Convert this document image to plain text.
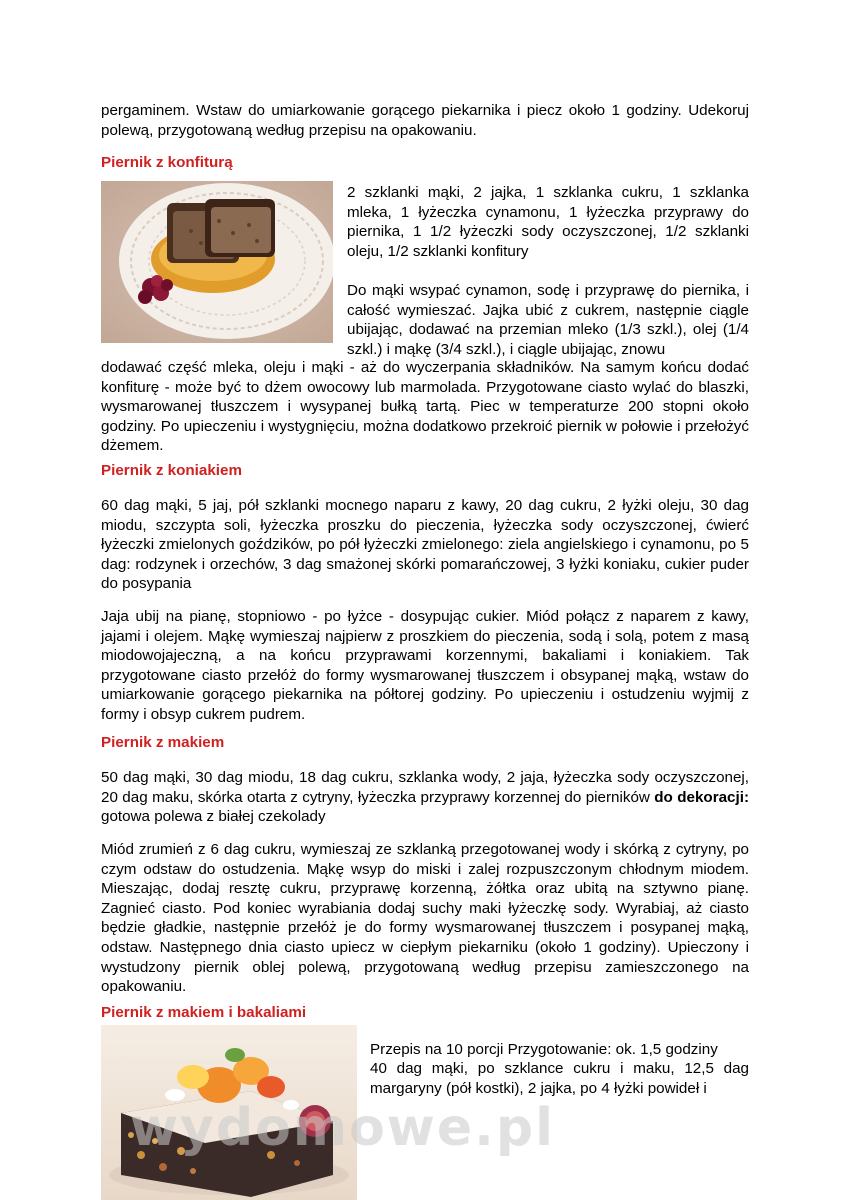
pergaminem. Wstaw do umiarkowanie gorącego piekarnika i piecz około 1 godziny. Udekoruj polewą, przygotowaną według przepisu na opakowaniu.

Piernik z konfiturą

2 szklanki mąki, 2 jajka, 1 szklanka cukru, 1 szklanka mleka, 1 łyżeczka cynamonu, 1 łyżeczka przyprawy do piernika, 1 1/2 łyżeczki sody oczyszczonej, 1/2 szklanki oleju, 1/2 szklanki konfitury

Do mąki wsypać cynamon, sodę i przyprawę do piernika, i całość wymieszać. Jajka ubić z cukrem, następnie ciągle ubijając, dodawać na przemian mleko (1/3 szkl.), olej (1/4 szkl.) i mąkę (3/4 szkl.), i ciągle ubijając, znowu

dodawać część mleka, oleju i mąki - aż do wyczerpania składników. Na samym końcu dodać konfiturę - może być to dżem owocowy lub marmolada. Przygotowane ciasto wylać do blaszki, wysmarowanej tłuszczem i wysypanej bułką tartą. Piec w temperaturze 200 stopni około godziny. Po upieczeniu i wystygnięciu, można dodatkowo przekroić piernik w połowie i przełożyć dżemem.

Piernik z koniakiem

60 dag mąki, 5 jaj, pół szklanki mocnego naparu z kawy, 20 dag cukru, 2 łyżki oleju, 30 dag miodu, szczypta soli, łyżeczka proszku do pieczenia, łyżeczka sody oczyszczonej, ćwierć łyżeczki zmielonych goździków, po pół łyżeczki zmielonego: ziela angielskiego i cynamonu, po 5 dag: rodzynek i orzechów, 3 dag smażonej skórki pomarańczowej, 3 łyżki koniaku, cukier puder do posypania

Jaja ubij na pianę, stopniowo - po łyżce - dosypując cukier. Miód połącz z naparem z kawy, jajami i olejem. Mąkę wymieszaj najpierw z proszkiem do pieczenia, sodą i solą, potem z masą miodowojajeczną, a na końcu przyprawami korzennymi, bakaliami i koniakiem. Tak przygotowane ciasto przełóż do formy wysmarowanej tłuszczem i obsypanej mąką, wstaw do umiarkowanie gorącego piekarnika na półtorej godziny. Po upieczeniu i ostudzeniu wyjmij z formy i obsyp cukrem pudrem.

Piernik z makiem

50 dag mąki, 30 dag miodu, 18 dag cukru, szklanka wody, 2 jaja, łyżeczka sody oczyszczonej, 20 dag maku, skórka otarta z cytryny, łyżeczka przyprawy korzennej do pierników do dekoracji: gotowa polewa z białej czekolady

Miód zrumień z 6 dag cukru, wymieszaj ze szklanką przegotowanej wody i skórką z cytryny, po czym odstaw do ostudzenia. Mąkę wsyp do miski i zalej rozpuszczonym chłodnym miodem. Mieszając, dodaj resztę cukru, przyprawę korzenną, żółtka oraz ubitą na sztywno pianę. Zagnieć ciasto. Pod koniec wyrabiania dodaj suchy maki łyżeczkę sody. Wyrabiaj, aż ciasto będzie gładkie, następnie przełóż je do formy wysmarowanej tłuszczem i posypanej mąką, odstaw. Następnego dnia ciasto upiecz w ciepłym piekarniku (około 1 godziny). Upieczony i wystudzony piernik oblej polewą, przygotowaną według przepisu zamieszczonego na opakowaniu.

Piernik z makiem i bakaliami

Przepis na 10 porcji Przygotowanie: ok. 1,5 godziny

40 dag mąki, po szklance cukru i maku, 12,5 dag margaryny (pół kostki), 2 jajka, po 4 łyżki powideł i

wydomowe.pl
